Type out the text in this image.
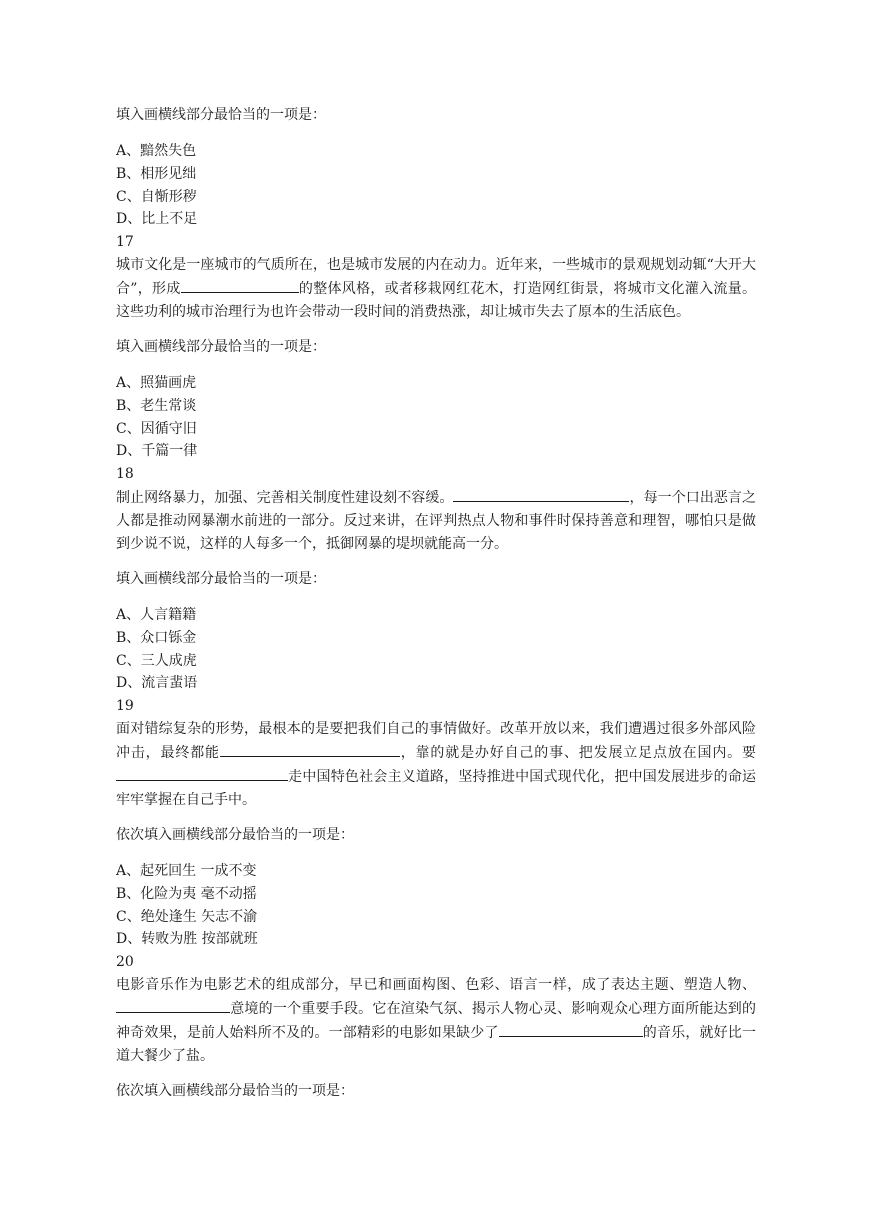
填入画横线部分最恰当的一项是：

A、黯然失色

B、相形见绌

C、自惭形秽

D、比上不足

17

城市文化是一座城市的气质所在，也是城市发展的内在动力。近年来，一些城市的景观规划动辄“大开大合”，形成	的整体风格，或者移栽网红花木，打造网红街景，将城市文化灌入流量。这些功利的城市治理行为也许会带动一段时间的消费热涨，却让城市失去了原本的生活底色。

填入画横线部分最恰当的一项是：

A、照猫画虎

B、老生常谈

C、因循守旧

D、千篇一律

18

制止网络暴力，加强、完善相关制度性建设刻不容缓。	，每一个口出恶言之人都是推动网暴潮水前进的一部分。反过来讲，在评判热点人物和事件时保持善意和理智，哪怕只是做到少说不说，这样的人每多一个，抵御网暴的堤坝就能高一分。

填入画横线部分最恰当的一项是：

A、人言籍籍

B、众口铄金

C、三人成虎

D、流言蜚语

19

面对错综复杂的形势，最根本的是要把我们自己的事情做好。改革开放以来，我们遭遇过很多外部风险冲击，最终都能	，靠的就是办好自己的事、把发展立足点放在国内。要走中国特色社会主义道路，坚持推进中国式现代化，把中国发展进步的命运牢牢掌握在自己手中。

依次填入画横线部分最恰当的一项是：

A、起死回生 一成不变

B、化险为夷 毫不动摇

C、绝处逢生 矢志不渝

D、转败为胜 按部就班

20

电影音乐作为电影艺术的组成部分，早已和画面构图、色彩、语言一样，成了表达主题、塑造人物、意境的一个重要手段。它在渲染气氛、揭示人物心灵、影响观众心理方面所能达到的神奇效果，是前人始料所不及的。一部精彩的电影如果缺少了	的音乐，就好比一道大餐少了盐。

依次填入画横线部分最恰当的一项是：
